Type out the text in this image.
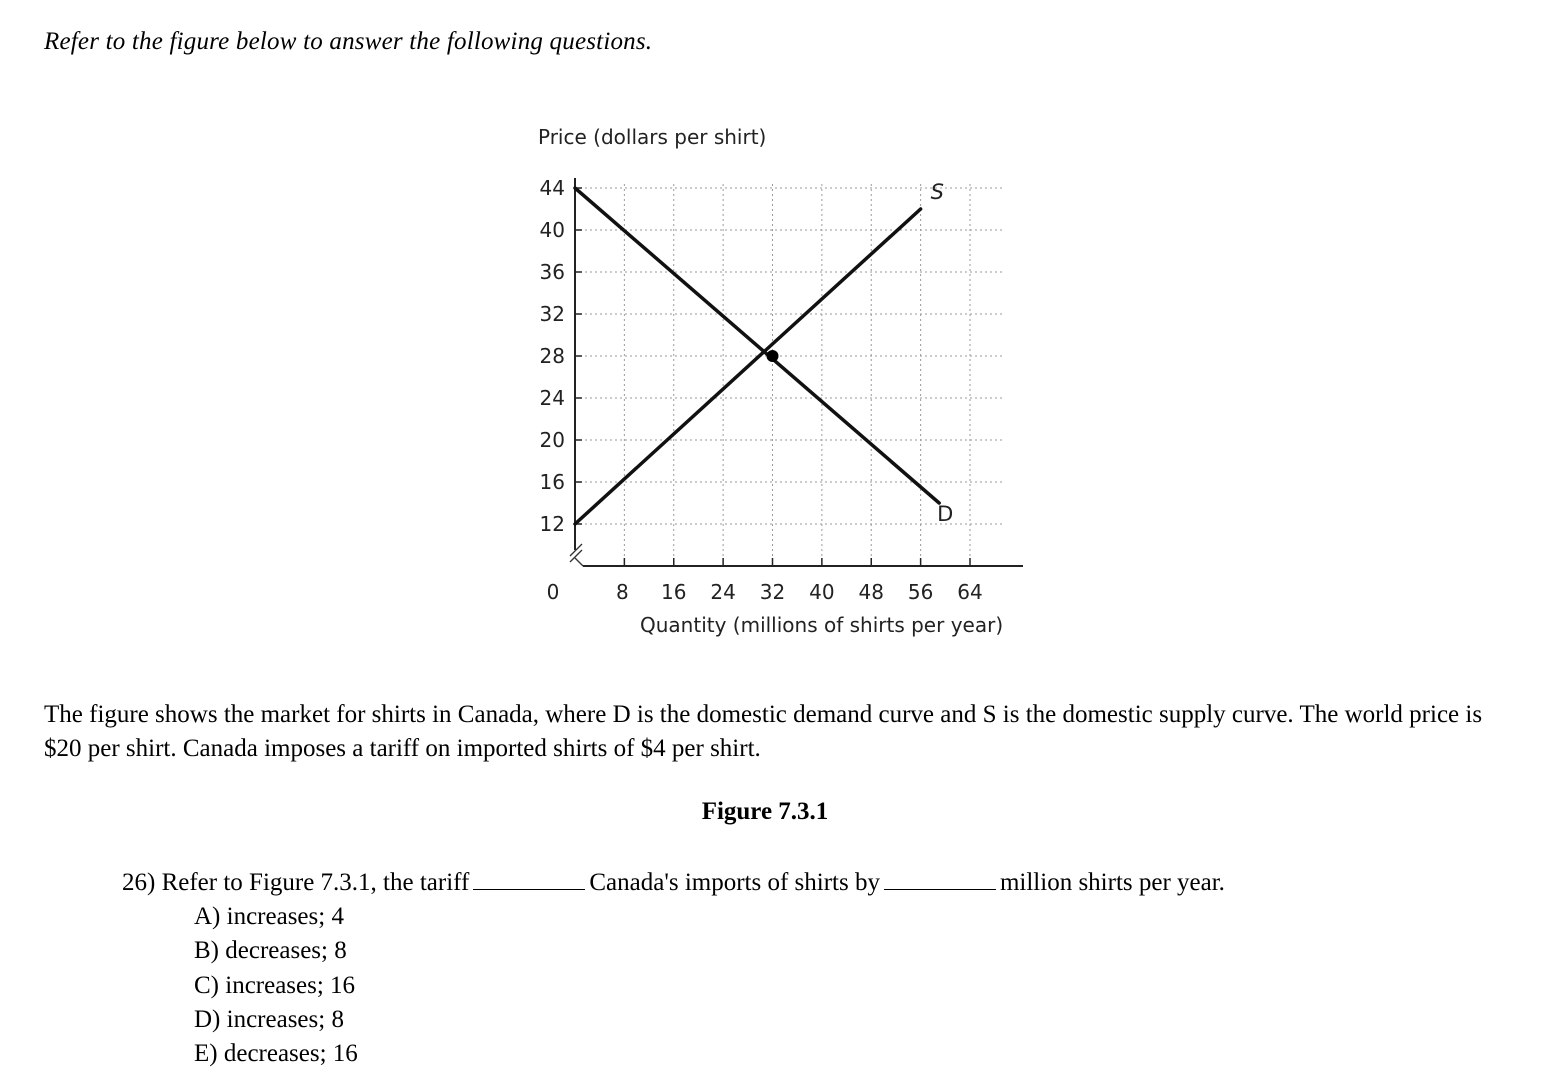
Refer to the figure below to answer the following questions.
12
16
20
24
28
32
36
40
44
8 16 24 32 40 48 56 64
0
Price (dollars per shirt)
Quantity (millions of shirts per year)
S
D
The figure shows the market for shirts in Canada, where D is the domestic demand curve and S is the domestic supply curve. The world price is $20 per shirt. Canada imposes a tariff on imported shirts of $4 per shirt.
Figure 7.3.1
26) Refer to Figure 7.3.1, the tariff	Canada's imports of shirts by	million shirts per year.
A) increases; 4
B) decreases; 8
C) increases; 16
D) increases; 8
E) decreases; 16
